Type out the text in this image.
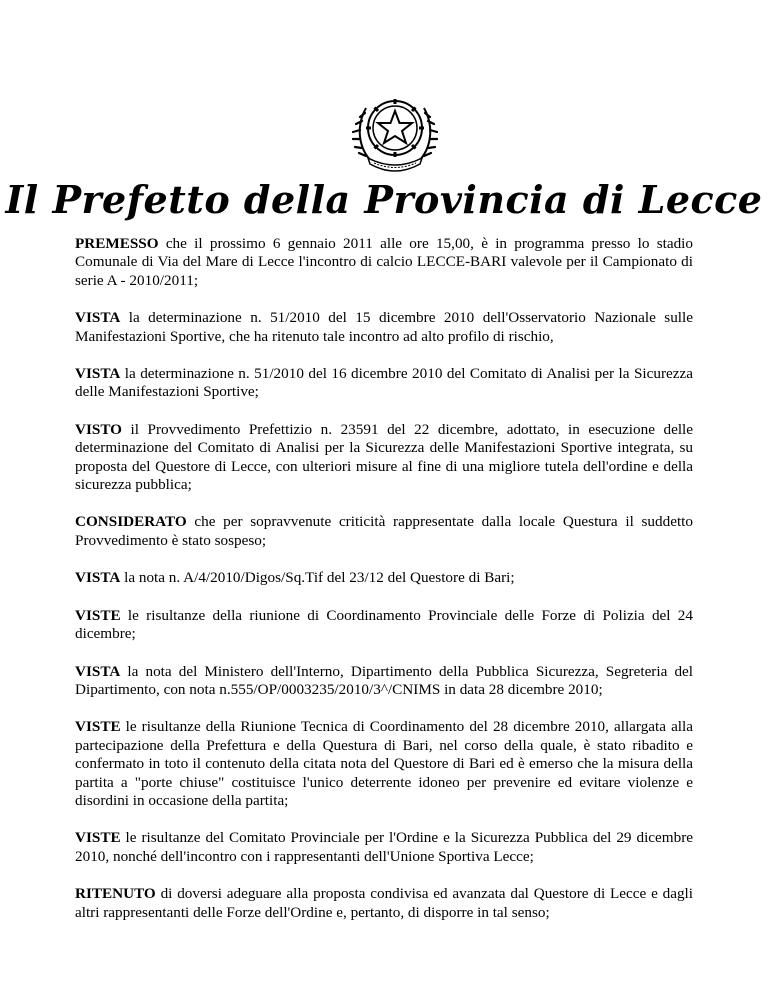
Il Prefetto della Provincia di Lecce

PREMESSO che il prossimo 6 gennaio 2011 alle ore 15,00, è in programma presso lo stadio Comunale di Via del Mare di Lecce l'incontro di calcio LECCE-BARI valevole per il Campionato di serie A - 2010/2011;

VISTA la determinazione n. 51/2010 del 15 dicembre 2010 dell'Osservatorio Nazionale sulle Manifestazioni Sportive, che ha ritenuto tale incontro ad alto profilo di rischio,

VISTA la determinazione n. 51/2010 del 16 dicembre 2010 del Comitato di Analisi per la Sicurezza delle Manifestazioni Sportive;

VISTO il Provvedimento Prefettizio n. 23591 del 22 dicembre, adottato, in esecuzione delle determinazione del Comitato di Analisi per la Sicurezza delle Manifestazioni Sportive integrata, su proposta del Questore di Lecce, con ulteriori misure al fine di una migliore tutela dell'ordine e della sicurezza pubblica;

CONSIDERATO che per sopravvenute criticità rappresentate dalla locale Questura il suddetto Provvedimento è stato sospeso;

VISTA la nota n. A/4/2010/Digos/Sq.Tif del 23/12 del Questore di Bari;

VISTE le risultanze della riunione di Coordinamento Provinciale delle Forze di Polizia del 24 dicembre;

VISTA la nota del Ministero dell'Interno, Dipartimento della Pubblica Sicurezza, Segreteria del Dipartimento, con nota n.555/OP/0003235/2010/3^/CNIMS in data 28 dicembre 2010;

VISTE le risultanze della Riunione Tecnica di Coordinamento del 28 dicembre 2010, allargata alla partecipazione della Prefettura e della Questura di Bari, nel corso della quale, è stato ribadito e confermato in toto il contenuto della citata nota del Questore di Bari ed è emerso che la misura della partita a "porte chiuse" costituisce l'unico deterrente idoneo per prevenire ed evitare violenze e disordini in occasione della partita;

VISTE le risultanze del Comitato Provinciale per l'Ordine e la Sicurezza Pubblica del 29 dicembre 2010, nonché dell'incontro con i rappresentanti dell'Unione Sportiva Lecce;

RITENUTO di doversi adeguare alla proposta condivisa ed avanzata dal Questore di Lecce e dagli altri rappresentanti delle Forze dell'Ordine e, pertanto, di disporre in tal senso;
